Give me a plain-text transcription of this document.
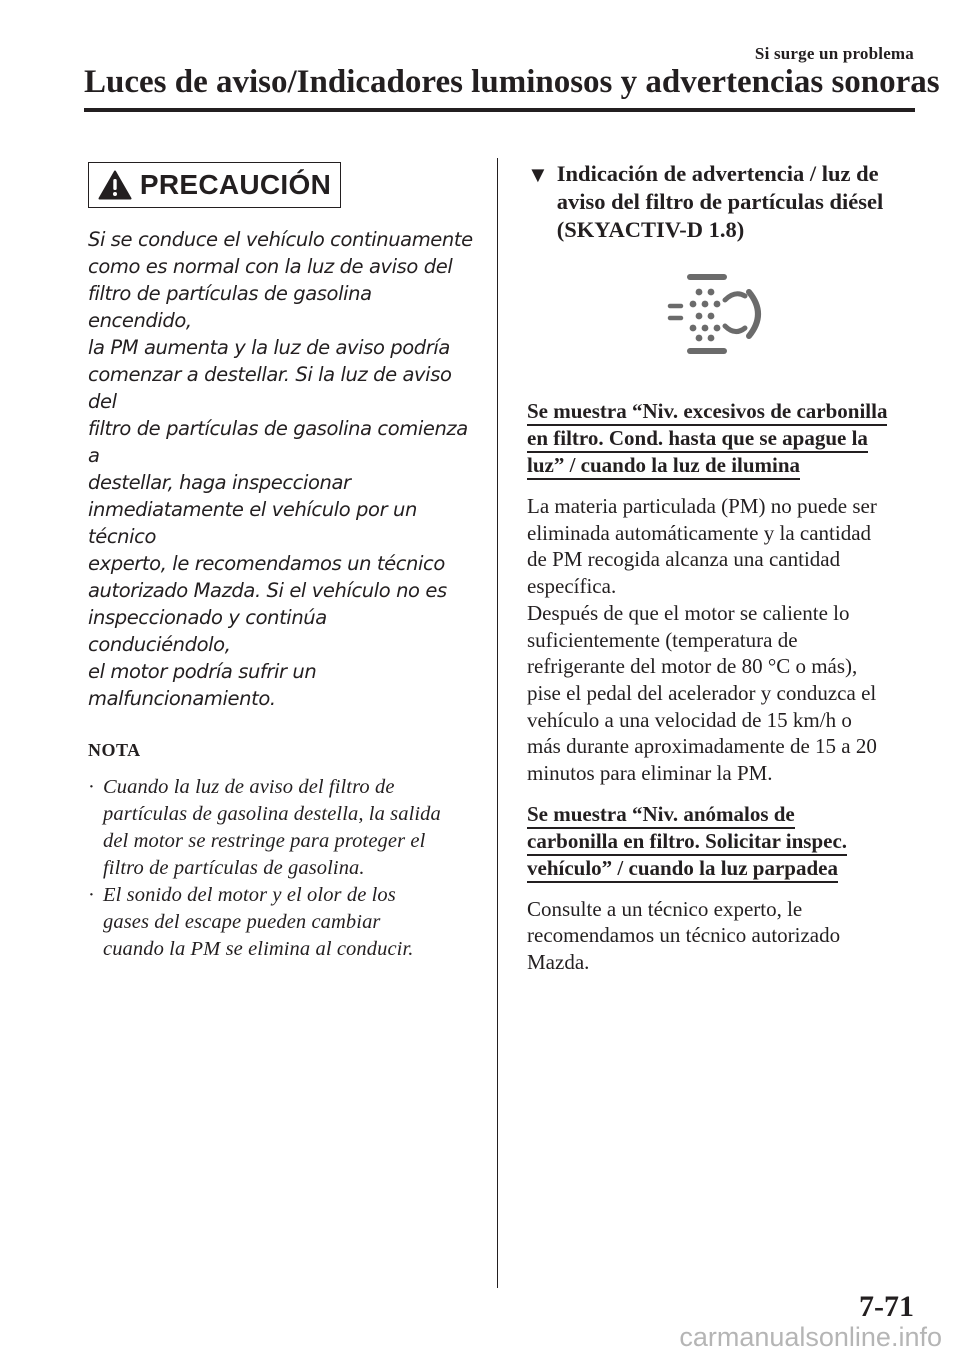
Si surge un problema
Luces de aviso/Indicadores luminosos y advertencias sonoras
PRECAUCIÓN
Si se conduce el vehículo continuamente
como es normal con la luz de aviso del
filtro de partículas de gasolina encendido,
la PM aumenta y la luz de aviso podría
comenzar a destellar. Si la luz de aviso del
filtro de partículas de gasolina comienza a
destellar, haga inspeccionar
inmediatamente el vehículo por un técnico
experto, le recomendamos un técnico
autorizado Mazda. Si el vehículo no es
inspeccionado y continúa conduciéndolo,
el motor podría sufrir un
malfuncionamiento.
NOTA
· Cuando la luz de aviso del filtro de
partículas de gasolina destella, la salida
del motor se restringe para proteger el
filtro de partículas de gasolina.
· El sonido del motor y el olor de los
gases del escape pueden cambiar
cuando la PM se elimina al conducir.
▼ Indicación de advertencia / luz de
aviso del filtro de partículas diésel
(SKYACTIV-D 1.8)
Se muestra “Niv. excesivos de carbonilla
en filtro. Cond. hasta que se apague la
luz” / cuando la luz de ilumina
La materia particulada (PM) no puede ser
eliminada automáticamente y la cantidad
de PM recogida alcanza una cantidad
específica.
Después de que el motor se caliente lo
suficientemente (temperatura de
refrigerante del motor de 80 °C o más),
pise el pedal del acelerador y conduzca el
vehículo a una velocidad de 15 km/h o
más durante aproximadamente de 15 a 20
minutos para eliminar la PM.
Se muestra “Niv. anómalos de
carbonilla en filtro. Solicitar inspec.
vehículo” / cuando la luz parpadea
Consulte a un técnico experto, le
recomendamos un técnico autorizado
Mazda.
7-71
carmanualsonline.info
